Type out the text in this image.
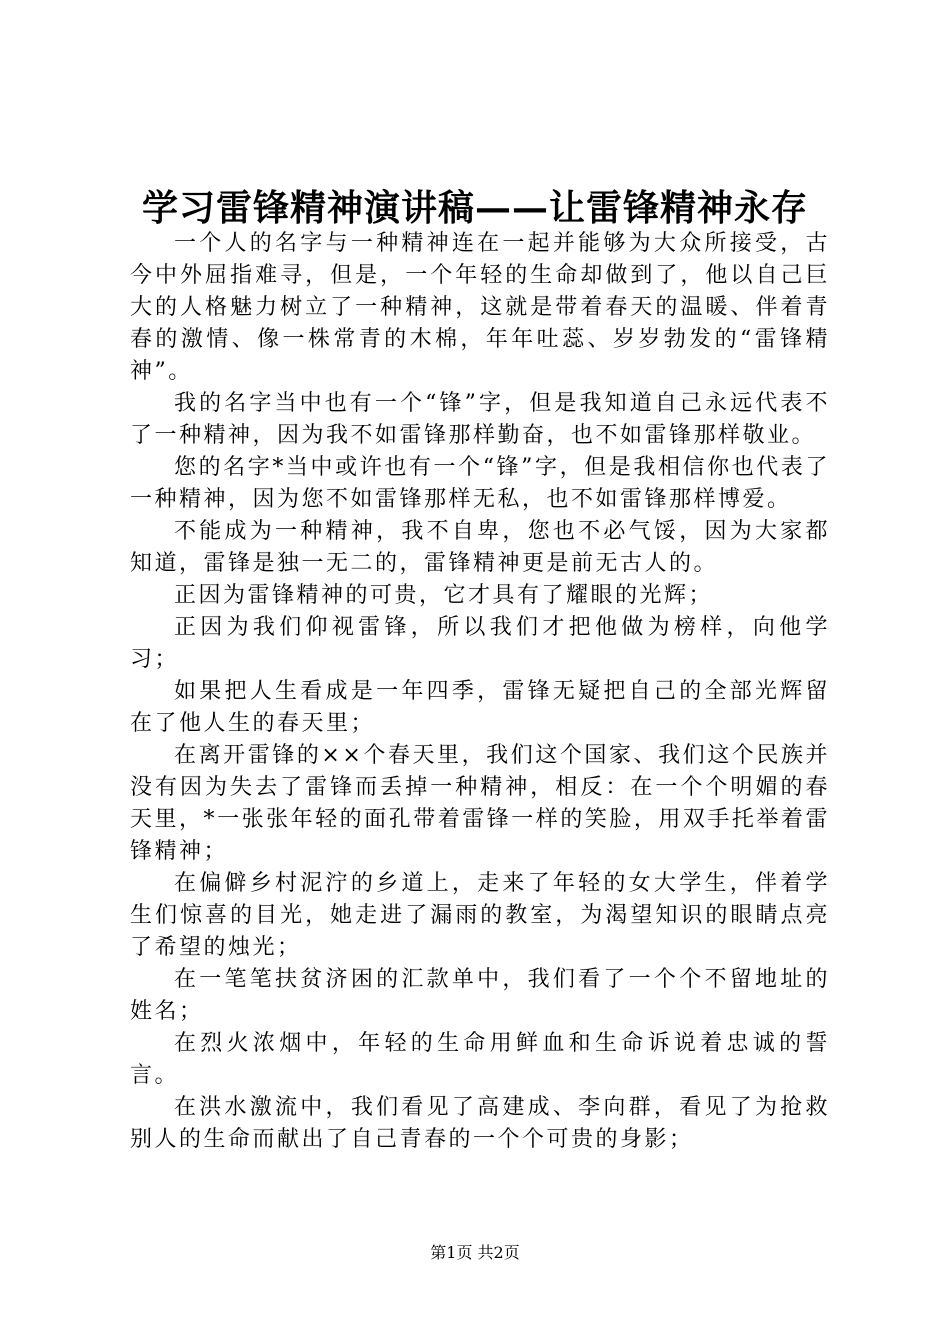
学习雷锋精神演讲稿——让雷锋精神永存

一个人的名字与一种精神连在一起并能够为大众所接受，古今中外屈指难寻，但是，一个年轻的生命却做到了，他以自己巨大的人格魅力树立了一种精神，这就是带着春天的温暖、伴着青春的激情、像一株常青的木棉，年年吐蕊、岁岁勃发的“雷锋精神”。

我的名字当中也有一个“锋”字，但是我知道自己永远代表不了一种精神，因为我不如雷锋那样勤奋，也不如雷锋那样敬业。

您的名字*当中或许也有一个“锋”字，但是我相信你也代表了一种精神，因为您不如雷锋那样无私，也不如雷锋那样博爱。

不能成为一种精神，我不自卑，您也不必气馁，因为大家都知道，雷锋是独一无二的，雷锋精神更是前无古人的。

正因为雷锋精神的可贵，它才具有了耀眼的光辉；

正因为我们仰视雷锋，所以我们才把他做为榜样，向他学习；

如果把人生看成是一年四季，雷锋无疑把自己的全部光辉留在了他人生的春天里；

在离开雷锋的××个春天里，我们这个国家、我们这个民族并没有因为失去了雷锋而丢掉一种精神，相反：在一个个明媚的春天里，*一张张年轻的面孔带着雷锋一样的笑脸，用双手托举着雷锋精神；

在偏僻乡村泥泞的乡道上，走来了年轻的女大学生，伴着学生们惊喜的目光，她走进了漏雨的教室，为渴望知识的眼睛点亮了希望的烛光；

在一笔笔扶贫济困的汇款单中，我们看了一个个不留地址的姓名；

在烈火浓烟中，年轻的生命用鲜血和生命诉说着忠诚的誓言。

在洪水激流中，我们看见了高建成、李向群，看见了为抢救别人的生命而献出了自己青春的一个个可贵的身影；

第1页 共2页
